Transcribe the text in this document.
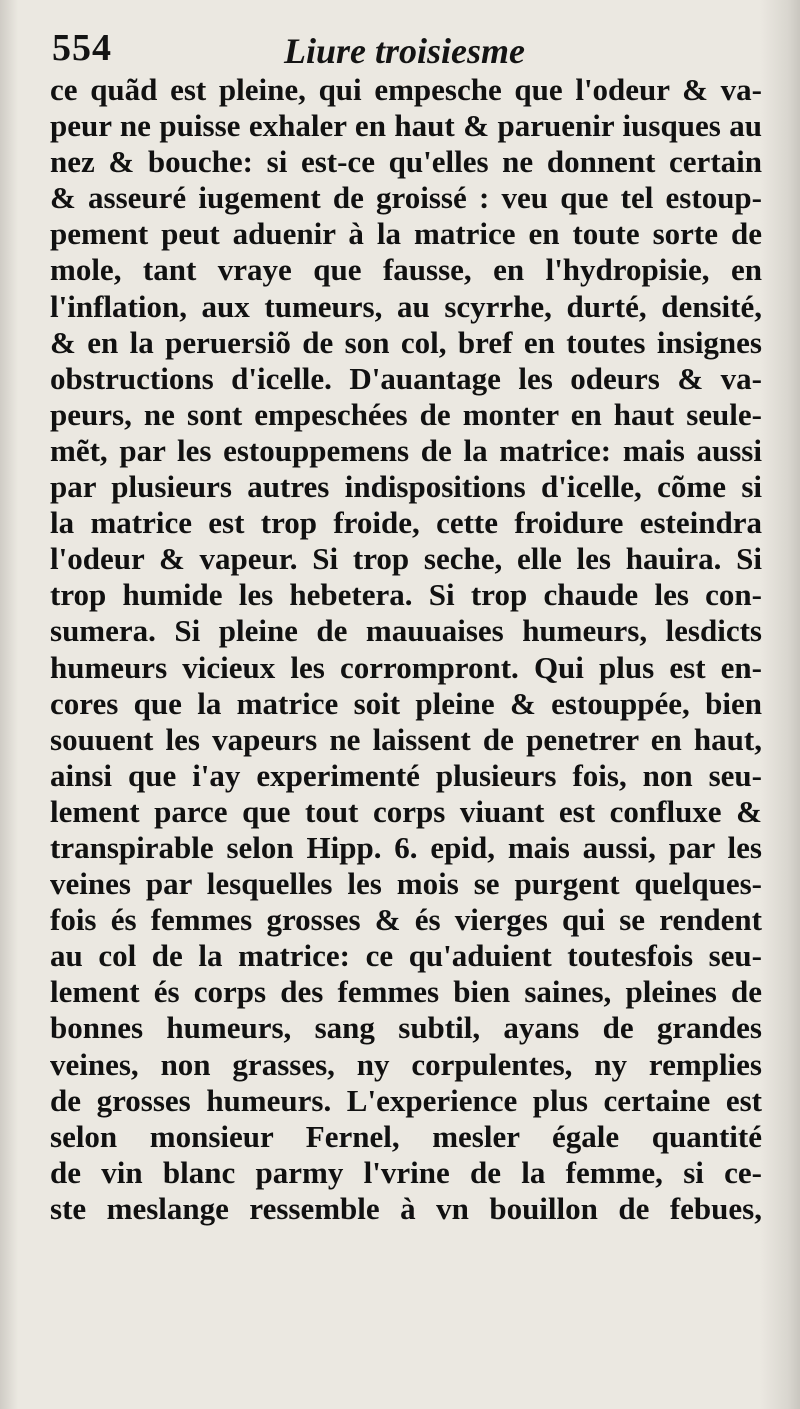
554	Liure troisiesme
ce quãd est pleine, qui empesche que l'odeur & va-
peur ne puisse exhaler en haut & paruenir iusques au
nez & bouche: si est-ce qu'elles ne donnent certain
& asseuré iugement de groissé : veu que tel estoup-
pement peut aduenir à la matrice en toute sorte de
mole, tant vraye que fausse, en l'hydropisie, en
l'inflation, aux tumeurs, au scyrrhe, durté, densité,
& en la peruersiõ de son col, bref en toutes insignes
obstructions d'icelle. D'auantage les odeurs & va-
peurs, ne sont empeschées de monter en haut seule-
mẽt, par les estouppemens de la matrice: mais aussi
par plusieurs autres indispositions d'icelle, cõme si
la matrice est trop froide, cette froidure esteindra
l'odeur & vapeur. Si trop seche, elle les hauira. Si
trop humide les hebetera. Si trop chaude les con-
sumera. Si pleine de mauuaises humeurs, lesdicts
humeurs vicieux les corrompront. Qui plus est en-
cores que la matrice soit pleine & estouppée, bien
souuent les vapeurs ne laissent de penetrer en haut,
ainsi que i'ay experimenté plusieurs fois, non seu-
lement parce que tout corps viuant est confluxe &
transpirable selon Hipp. 6. epid, mais aussi, par les
veines par lesquelles les mois se purgent quelques-
fois és femmes grosses & és vierges qui se rendent
au col de la matrice: ce qu'aduient toutesfois seu-
lement és corps des femmes bien saines, pleines de
bonnes humeurs, sang subtil, ayans de grandes
veines, non grasses, ny corpulentes, ny remplies
de grosses humeurs. L'experience plus certaine est
selon monsieur Fernel, mesler égale quantité
de vin blanc parmy l'vrine de la femme, si ce-
ste meslange ressemble à vn bouillon de febues,
